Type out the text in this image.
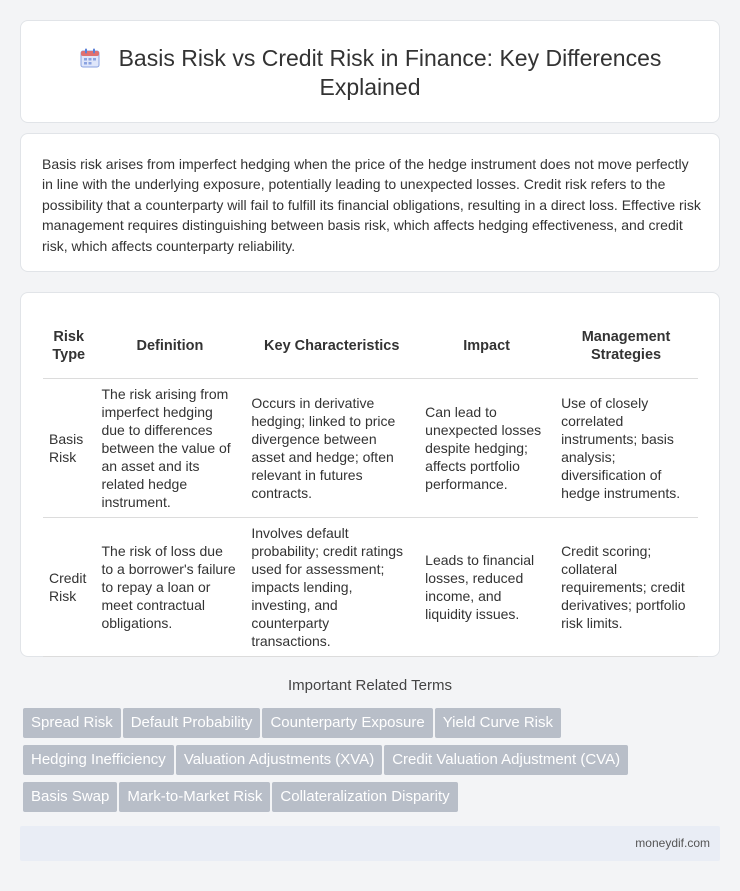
Basis Risk vs Credit Risk in Finance: Key Differences Explained

Basis risk arises from imperfect hedging when the price of the hedge instrument does not move perfectly in line with the underlying exposure, potentially leading to unexpected losses. Credit risk refers to the possibility that a counterparty will fail to fulfill its financial obligations, resulting in a direct loss. Effective risk management requires distinguishing between basis risk, which affects hedging effectiveness, and credit risk, which affects counterparty reliability.

Risk Type	Definition	Key Characteristics	Impact	Management Strategies
Basis Risk	The risk arising from imperfect hedging due to differences between the value of an asset and its related hedge instrument.	Occurs in derivative hedging; linked to price divergence between asset and hedge; often relevant in futures contracts.	Can lead to unexpected losses despite hedging; affects portfolio performance.	Use of closely correlated instruments; basis analysis; diversification of hedge instruments.
Credit Risk	The risk of loss due to a borrower's failure to repay a loan or meet contractual obligations.	Involves default probability; credit ratings used for assessment; impacts lending, investing, and counterparty transactions.	Leads to financial losses, reduced income, and liquidity issues.	Credit scoring; collateral requirements; credit derivatives; portfolio risk limits.
Important Related Terms
Spread Risk Default Probability Counterparty Exposure Yield Curve RiskHedging Inefficiency Valuation Adjustments (XVA) Credit Valuation Adjustment (CVA)Basis Swap Mark-to-Market Risk Collateralization Disparity
moneydif.com
